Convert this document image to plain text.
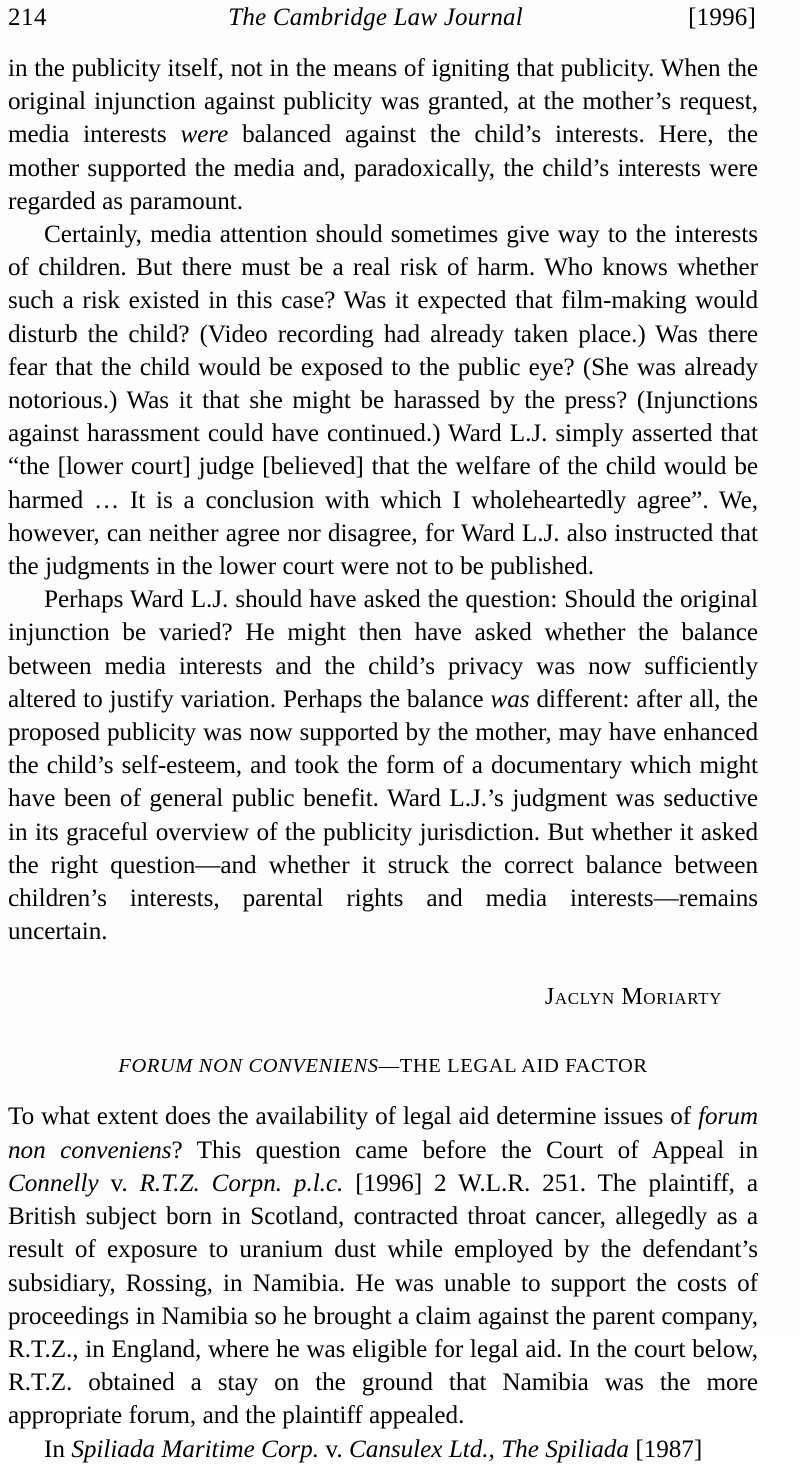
214	The Cambridge Law Journal	[1996]

in the publicity itself, not in the means of igniting that publicity. When the original injunction against publicity was granted, at the mother’s request, media interests were balanced against the child’s interests. Here, the mother supported the media and, paradoxically, the child’s interests were regarded as paramount.

Certainly, media attention should sometimes give way to the interests of children. But there must be a real risk of harm. Who knows whether such a risk existed in this case? Was it expected that film-making would disturb the child? (Video recording had already taken place.) Was there fear that the child would be exposed to the public eye? (She was already notorious.) Was it that she might be harassed by the press? (Injunctions against harassment could have continued.) Ward L.J. simply asserted that “the [lower court] judge [believed] that the welfare of the child would be harmed … It is a conclusion with which I wholeheartedly agree”. We, however, can neither agree nor disagree, for Ward L.J. also instructed that the judgments in the lower court were not to be published.

Perhaps Ward L.J. should have asked the question: Should the original injunction be varied? He might then have asked whether the balance between media interests and the child’s privacy was now sufficiently altered to justify variation. Perhaps the balance was different: after all, the proposed publicity was now supported by the mother, may have enhanced the child’s self-esteem, and took the form of a documentary which might have been of general public benefit. Ward L.J.’s judgment was seductive in its graceful overview of the publicity jurisdiction. But whether it asked the right question—and whether it struck the correct balance between children’s interests, parental rights and media interests—remains uncertain.

Jaclyn Moriarty
FORUM NON CONVENIENS—THE LEGAL AID FACTOR

To what extent does the availability of legal aid determine issues of forum non conveniens? This question came before the Court of Appeal in Connelly v. R.T.Z. Corpn. p.l.c. [1996] 2 W.L.R. 251. The plaintiff, a British subject born in Scotland, contracted throat cancer, allegedly as a result of exposure to uranium dust while employed by the defendant’s subsidiary, Rossing, in Namibia. He was unable to support the costs of proceedings in Namibia so he brought a claim against the parent company, R.T.Z., in England, where he was eligible for legal aid. In the court below, R.T.Z. obtained a stay on the ground that Namibia was the more appropriate forum, and the plaintiff appealed.

In Spiliada Maritime Corp. v. Cansulex Ltd., The Spiliada [1987]
